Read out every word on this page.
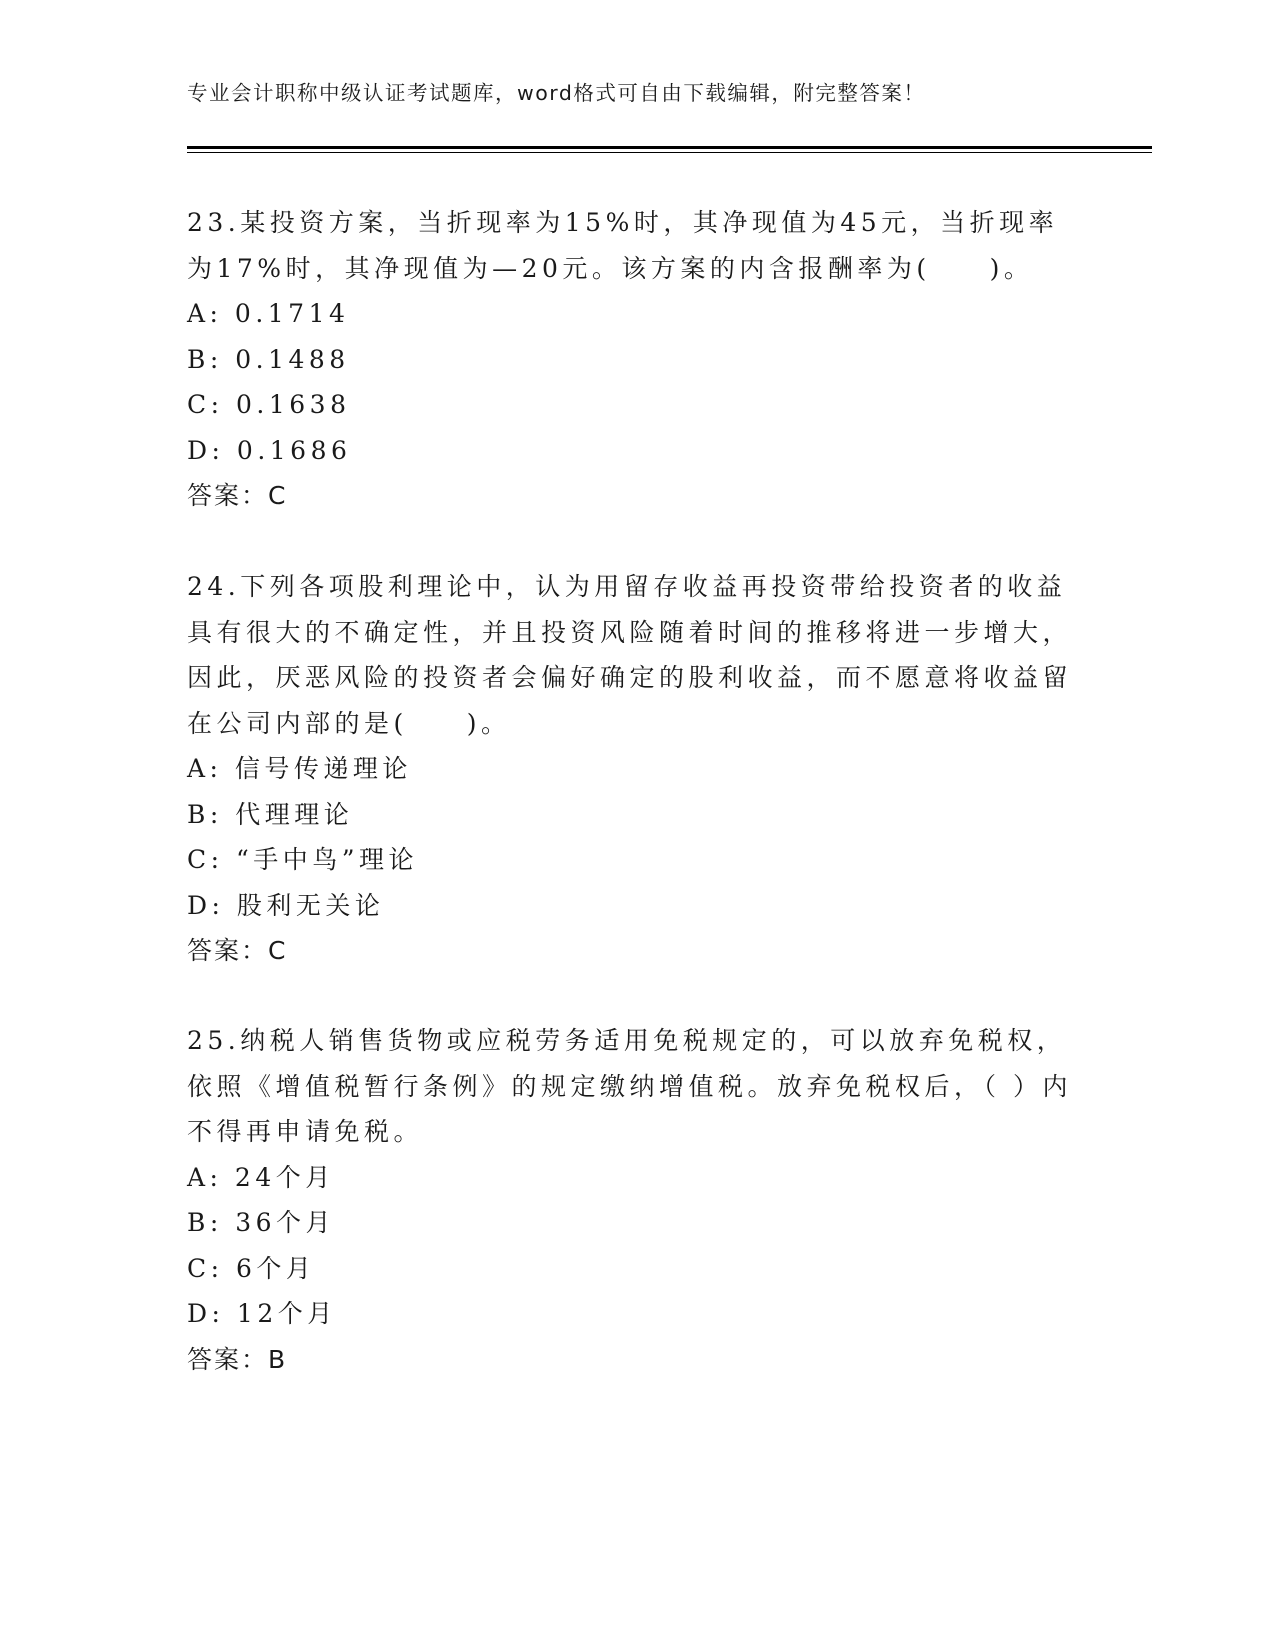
专业会计职称中级认证考试题库，word格式可自由下载编辑，附完整答案！

23.某投资方案，当折现率为15%时，其净现值为45元，当折现率为17%时，其净现值为—20元。该方案的内含报酬率为(　　)。

A: 0.1714

B: 0.1488

C: 0.1638

D: 0.1686

答案：C

24.下列各项股利理论中，认为用留存收益再投资带给投资者的收益具有很大的不确定性，并且投资风险随着时间的推移将进一步增大，因此，厌恶风险的投资者会偏好确定的股利收益，而不愿意将收益留在公司内部的是(　　)。

A: 信号传递理论

B: 代理理论

C: “手中鸟”理论

D: 股利无关论

答案：C

25.纳税人销售货物或应税劳务适用免税规定的，可以放弃免税权，依照《增值税暂行条例》的规定缴纳增值税。放弃免税权后，（ ）内不得再申请免税。

A: 24个月

B: 36个月

C: 6个月

D: 12个月

答案：B
